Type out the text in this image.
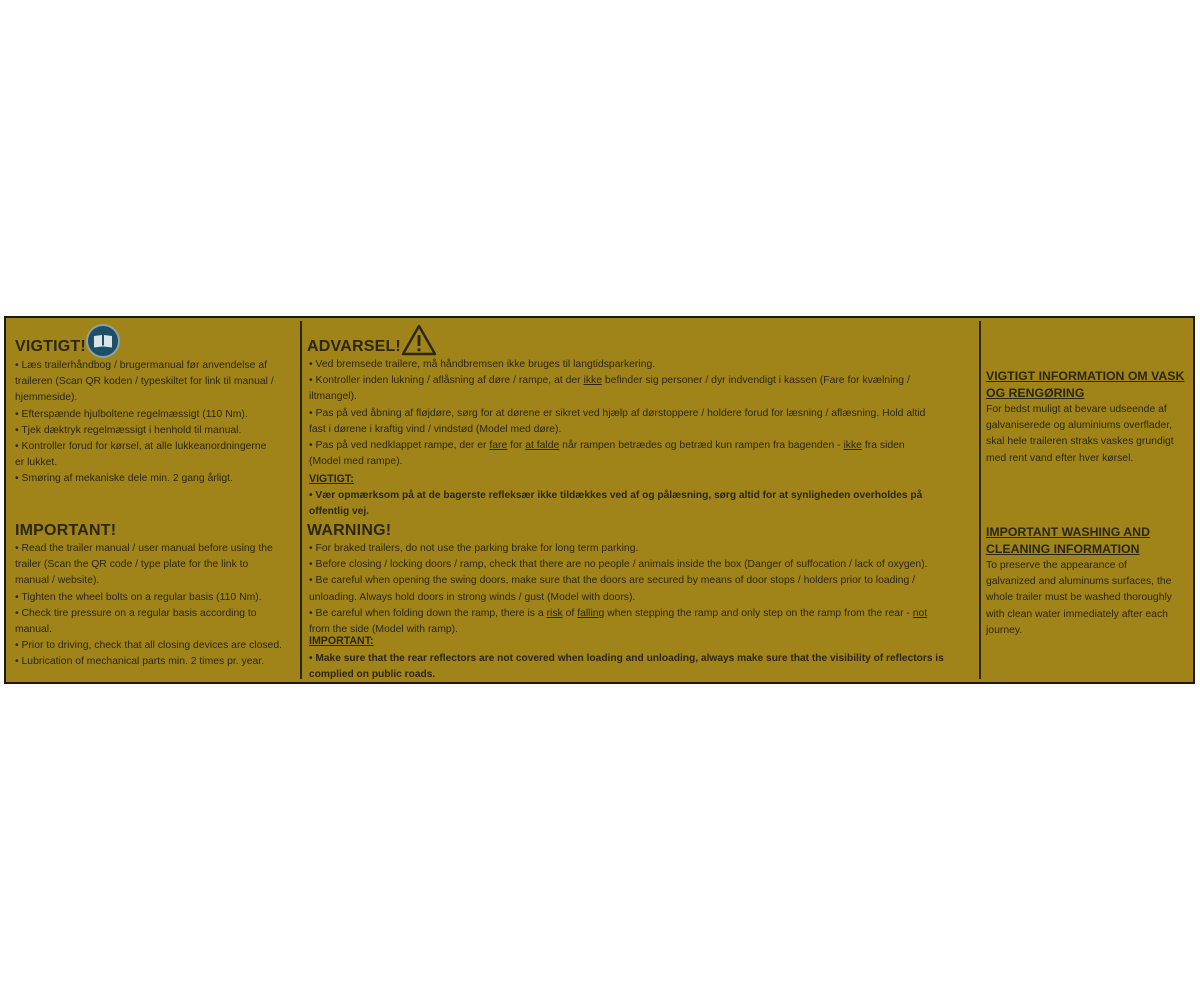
VIGTIGT!
• Læs trailerhåndbog / brugermanual før anvendelse af
traileren (Scan QR koden / typeskiltet for link til manual /
hjemmeside).
• Efterspænde hjulboltene regelmæssigt (110 Nm).
• Tjek dæktryk regelmæssigt i henhold til manual.
• Kontroller forud for kørsel, at alle lukkeanordningerne
er lukket.
• Smøring af mekaniske dele min. 2 gang årligt.
IMPORTANT!
• Read the trailer manual / user manual before using the
trailer (Scan the QR code / type plate for the link to
manual / website).
• Tighten the wheel bolts on a regular basis (110 Nm).
• Check tire pressure on a regular basis according to
manual.
• Prior to driving, check that all closing devices are closed.
• Lubrication of mechanical parts min. 2 times pr. year.
ADVARSEL!
• Ved bremsede trailere, må håndbremsen ikke bruges til langtidsparkering.
• Kontroller inden lukning / aflåsning af døre / rampe, at der ikke befinder sig personer / dyr indvendigt i kassen (Fare for kvælning /
iltmangel).
• Pas på ved åbning af fløjdøre, sørg for at dørene er sikret ved hjælp af dørstoppere / holdere forud for læsning / aflæsning. Hold altid
fast i dørene i kraftig vind / vindstød (Model med døre).
• Pas på ved nedklappet rampe, der er fare for at falde når rampen betrædes og betræd kun rampen fra bagenden - ikke fra siden
(Model med rampe).
VIGTIGT:
• Vær opmærksom på at de bagerste refleksær ikke tildækkes ved af og pålæsning, sørg altid for at synligheden overholdes på
offentlig vej.
WARNING!
• For braked trailers, do not use the parking brake for long term parking.
• Before closing / locking doors / ramp, check that there are no people / animals inside the box (Danger of suffocation / lack of oxygen).
• Be careful when opening the swing doors, make sure that the doors are secured by means of door stops / holders prior to loading /
unloading. Always hold doors in strong winds / gust (Model with doors).
• Be careful when folding down the ramp, there is a risk of falling when stepping the ramp and only step on the ramp from the rear - not
from the side (Model with ramp).
IMPORTANT:
• Make sure that the rear reflectors are not covered when loading and unloading, always make sure that the visibility of reflectors is
complied on public roads.
VIGTIGT INFORMATION OM VASK
OG RENGØRING
For bedst muligt at bevare udseende af
galvaniserede og aluminiums overflader,
skal hele traileren straks vaskes grundigt
med rent vand efter hver kørsel.
IMPORTANT WASHING AND
CLEANING INFORMATION
To preserve the appearance of
galvanized and aluminums surfaces, the
whole trailer must be washed thoroughly
with clean water immediately after each
journey.
